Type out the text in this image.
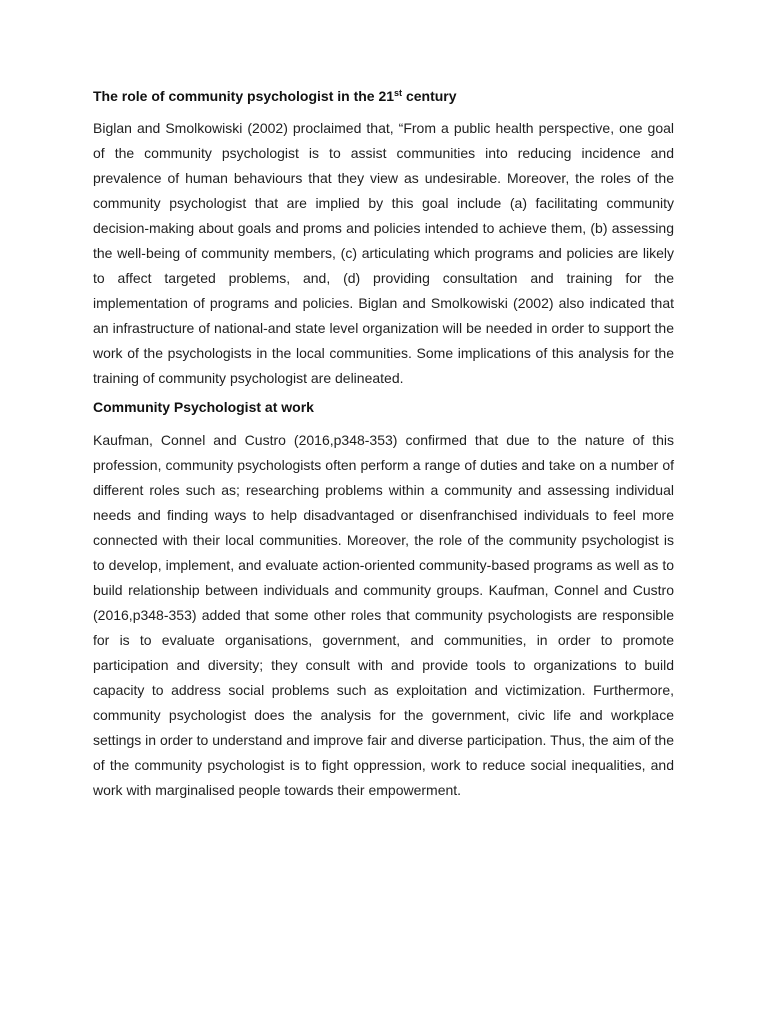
The role of community psychologist in the 21st century

Biglan and Smolkowiski (2002) proclaimed that, “From a public health perspective, one goal of the community psychologist is to assist communities into reducing incidence and prevalence of human behaviours that they view as undesirable. Moreover, the roles of the community psychologist that are implied by this goal include (a) facilitating community decision-making about goals and proms and policies intended to achieve them, (b) assessing the well-being of community members, (c) articulating which programs and policies are likely to affect targeted problems, and, (d) providing consultation and training for the implementation of programs and policies. Biglan and Smolkowiski (2002) also indicated that an infrastructure of national-and state level organization will be needed in order to support the work of the psychologists in the local communities. Some implications of this analysis for the training of community psychologist are delineated.

Community Psychologist at work

Kaufman, Connel and Custro (2016,p348-353) confirmed that due to the nature of this profession, community psychologists often perform a range of duties and take on a number of different roles such as; researching problems within a community and assessing individual needs and finding ways to help disadvantaged or disenfranchised individuals to feel more connected with their local communities. Moreover, the role of the community psychologist is to develop, implement, and evaluate action-oriented community-based programs as well as to build relationship between individuals and community groups. Kaufman, Connel and Custro (2016,p348-353) added that some other roles that community psychologists are responsible for is to evaluate organisations, government, and communities, in order to promote participation and diversity; they consult with and provide tools to organizations to build capacity to address social problems such as exploitation and victimization. Furthermore, community psychologist does the analysis for the government, civic life and workplace settings in order to understand and improve fair and diverse participation. Thus, the aim of the of the community psychologist is to fight oppression, work to reduce social inequalities, and work with marginalised people towards their empowerment.
